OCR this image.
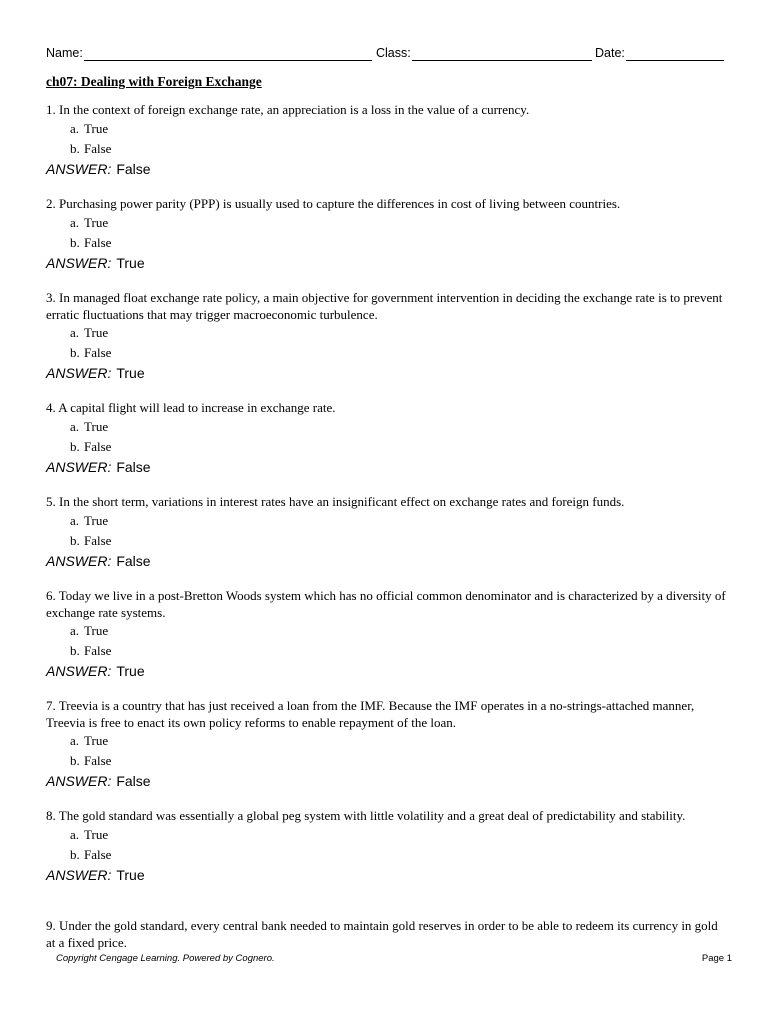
Name:	Class:	Date:
ch07: Dealing with Foreign Exchange

1. In the context of foreign exchange rate, an appreciation is a loss in the value of a currency.

a. True
b. False
ANSWER: False

2. Purchasing power parity (PPP) is usually used to capture the differences in cost of living between countries.

a. True
b. False
ANSWER: True

3. In managed float exchange rate policy, a main objective for government intervention in deciding the exchange rate is to prevent erratic fluctuations that may trigger macroeconomic turbulence.

a. True
b. False
ANSWER: True

4. A capital flight will lead to increase in exchange rate.

a. True
b. False
ANSWER: False

5. In the short term, variations in interest rates have an insignificant effect on exchange rates and foreign funds.

a. True
b. False
ANSWER: False

6. Today we live in a post-Bretton Woods system which has no official common denominator and is characterized by a diversity of exchange rate systems.

a. True
b. False
ANSWER: True

7. Treevia is a country that has just received a loan from the IMF. Because the IMF operates in a no-strings-attached manner, Treevia is free to enact its own policy reforms to enable repayment of the loan.

a. True
b. False
ANSWER: False

8. The gold standard was essentially a global peg system with little volatility and a great deal of predictability and stability.

a. True
b. False
ANSWER: True

9. Under the gold standard, every central bank needed to maintain gold reserves in order to be able to redeem its currency in gold at a fixed price.

Copyright Cengage Learning. Powered by Cognero.	Page 1
